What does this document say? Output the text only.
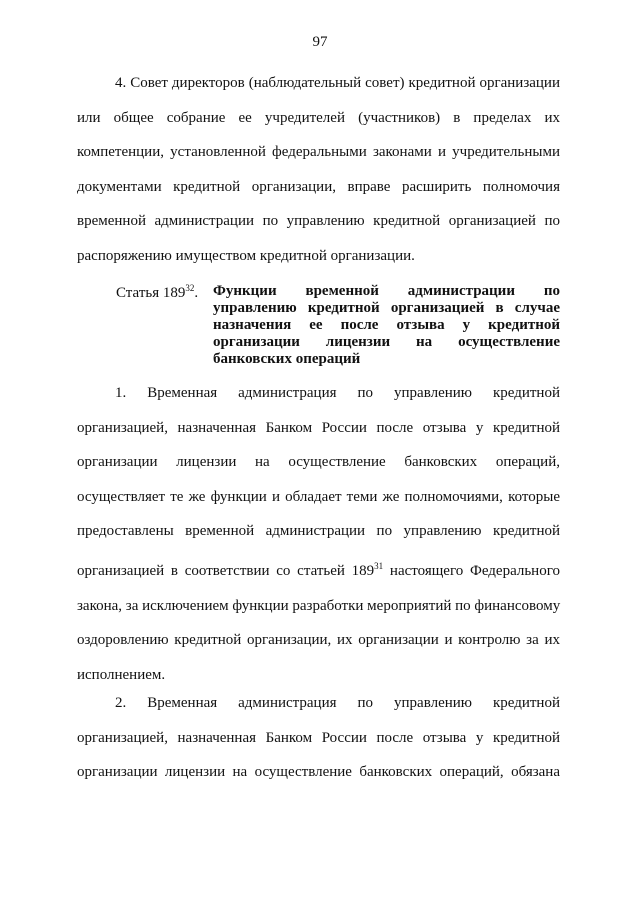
97
4. Совет директоров (наблюдательный совет) кредитной организации
или общее собрание ее учредителей (участников) в пределах их
компетенции, установленной федеральными законами и учредительными
документами кредитной организации, вправе расширить полномочия
временной администрации по управлению кредитной организацией по
распоряжению имуществом кредитной организации.
Статья $189^{32}$. Функции временной администрации по
управлению кредитной организацией в случае
назначения ее после отзыва у кредитной
организации лицензии на осуществление
банковских операций
1. Временная администрация по управлению кредитной
организацией, назначенная Банком России после отзыва у кредитной
организации лицензии на осуществление банковских операций,
осуществляет те же функции и обладает теми же полномочиями, которые
предоставлены временной администрации по управлению кредитной
организацией в соответствии со статьей 189$^{31}$ настоящего Федерального
закона, за исключением функции разработки мероприятий по финансовому
оздоровлению кредитной организации, их организации и контролю за их
исполнением.
2. Временная администрация по управлению кредитной
организацией, назначенная Банком России после отзыва у кредитной
организации лицензии на осуществление банковских операций, обязана
